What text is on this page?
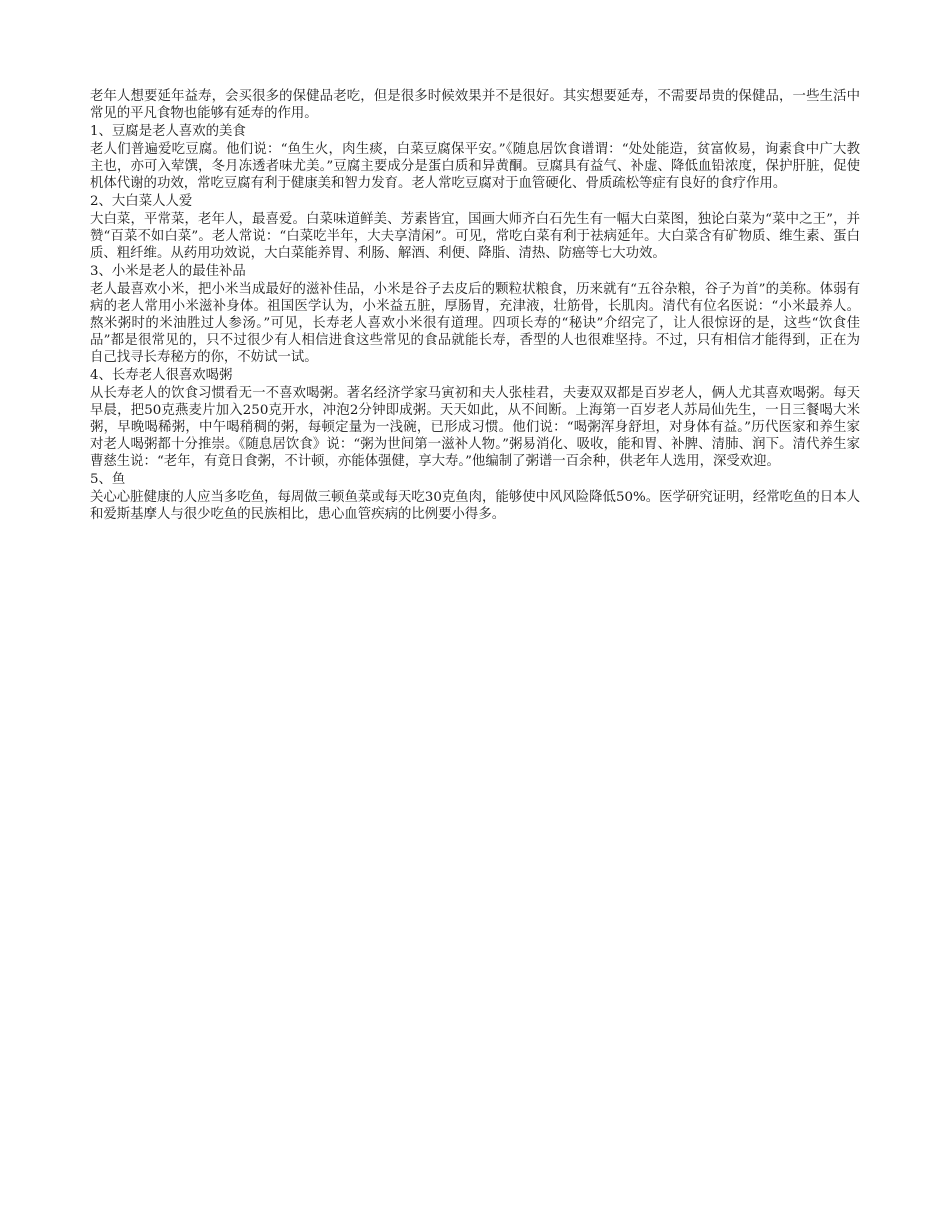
老年人想要延年益寿，会买很多的保健品老吃，但是很多时候效果并不是很好。其实想要延寿，不需要昂贵的保健品，一些生活中常见的平凡食物也能够有延寿的作用。

1、豆腐是老人喜欢的美食

老人们普遍爱吃豆腐。他们说：“鱼生火，肉生痰，白菜豆腐保平安。”《随息居饮食谱谓：“处处能造，贫富攸易，询素食中广大教主也，亦可入荤馔，冬月冻透者味尤美。”豆腐主要成分是蛋白质和异黄酮。豆腐具有益气、补虚、降低血铅浓度，保护肝脏，促使机体代谢的功效，常吃豆腐有利于健康美和智力发育。老人常吃豆腐对于血管硬化、骨质疏松等症有良好的食疗作用。

2、大白菜人人爱

大白菜，平常菜，老年人，最喜爱。白菜味道鲜美、芳素皆宜，国画大师齐白石先生有一幅大白菜图，独论白菜为“菜中之王”，并赞“百菜不如白菜”。老人常说：“白菜吃半年，大夫享清闲”。可见，常吃白菜有利于祛病延年。大白菜含有矿物质、维生素、蛋白质、粗纤维。从药用功效说，大白菜能养胃、利肠、解酒、利便、降脂、清热、防癌等七大功效。

3、小米是老人的最佳补品

老人最喜欢小米，把小米当成最好的滋补佳品，小米是谷子去皮后的颗粒状粮食，历来就有“五谷杂粮，谷子为首”的美称。体弱有病的老人常用小米滋补身体。祖国医学认为，小米益五脏，厚肠胃，充津液，壮筋骨，长肌肉。清代有位名医说：“小米最养人。熬米粥时的米油胜过人参汤。”可见，长寿老人喜欢小米很有道理。四项长寿的“秘诀”介绍完了，让人很惊讶的是，这些“饮食佳品”都是很常见的，只不过很少有人相信进食这些常见的食品就能长寿，香型的人也很难坚持。不过，只有相信才能得到，正在为自己找寻长寿秘方的你，不妨试一试。

4、长寿老人很喜欢喝粥

从长寿老人的饮食习惯看无一不喜欢喝粥。著名经济学家马寅初和夫人张桂君，夫妻双双都是百岁老人，俩人尤其喜欢喝粥。每天早晨，把50克燕麦片加入250克开水，冲泡2分钟即成粥。天天如此，从不间断。上海第一百岁老人苏局仙先生，一日三餐喝大米粥，早晚喝稀粥，中午喝稍稠的粥，每顿定量为一浅碗，已形成习惯。他们说：“喝粥浑身舒坦，对身体有益。”历代医家和养生家对老人喝粥都十分推崇。《随息居饮食》说：“粥为世间第一滋补人物。”粥易消化、吸收，能和胃、补脾、清肺、润下。清代养生家曹慈生说：“老年，有竟日食粥，不计顿，亦能体强健，享大寿。”他编制了粥谱一百余种，供老年人选用，深受欢迎。

5、鱼

关心心脏健康的人应当多吃鱼，每周做三顿鱼菜或每天吃30克鱼肉，能够使中风风险降低50%。医学研究证明，经常吃鱼的日本人和爱斯基摩人与很少吃鱼的民族相比，患心血管疾病的比例要小得多。
